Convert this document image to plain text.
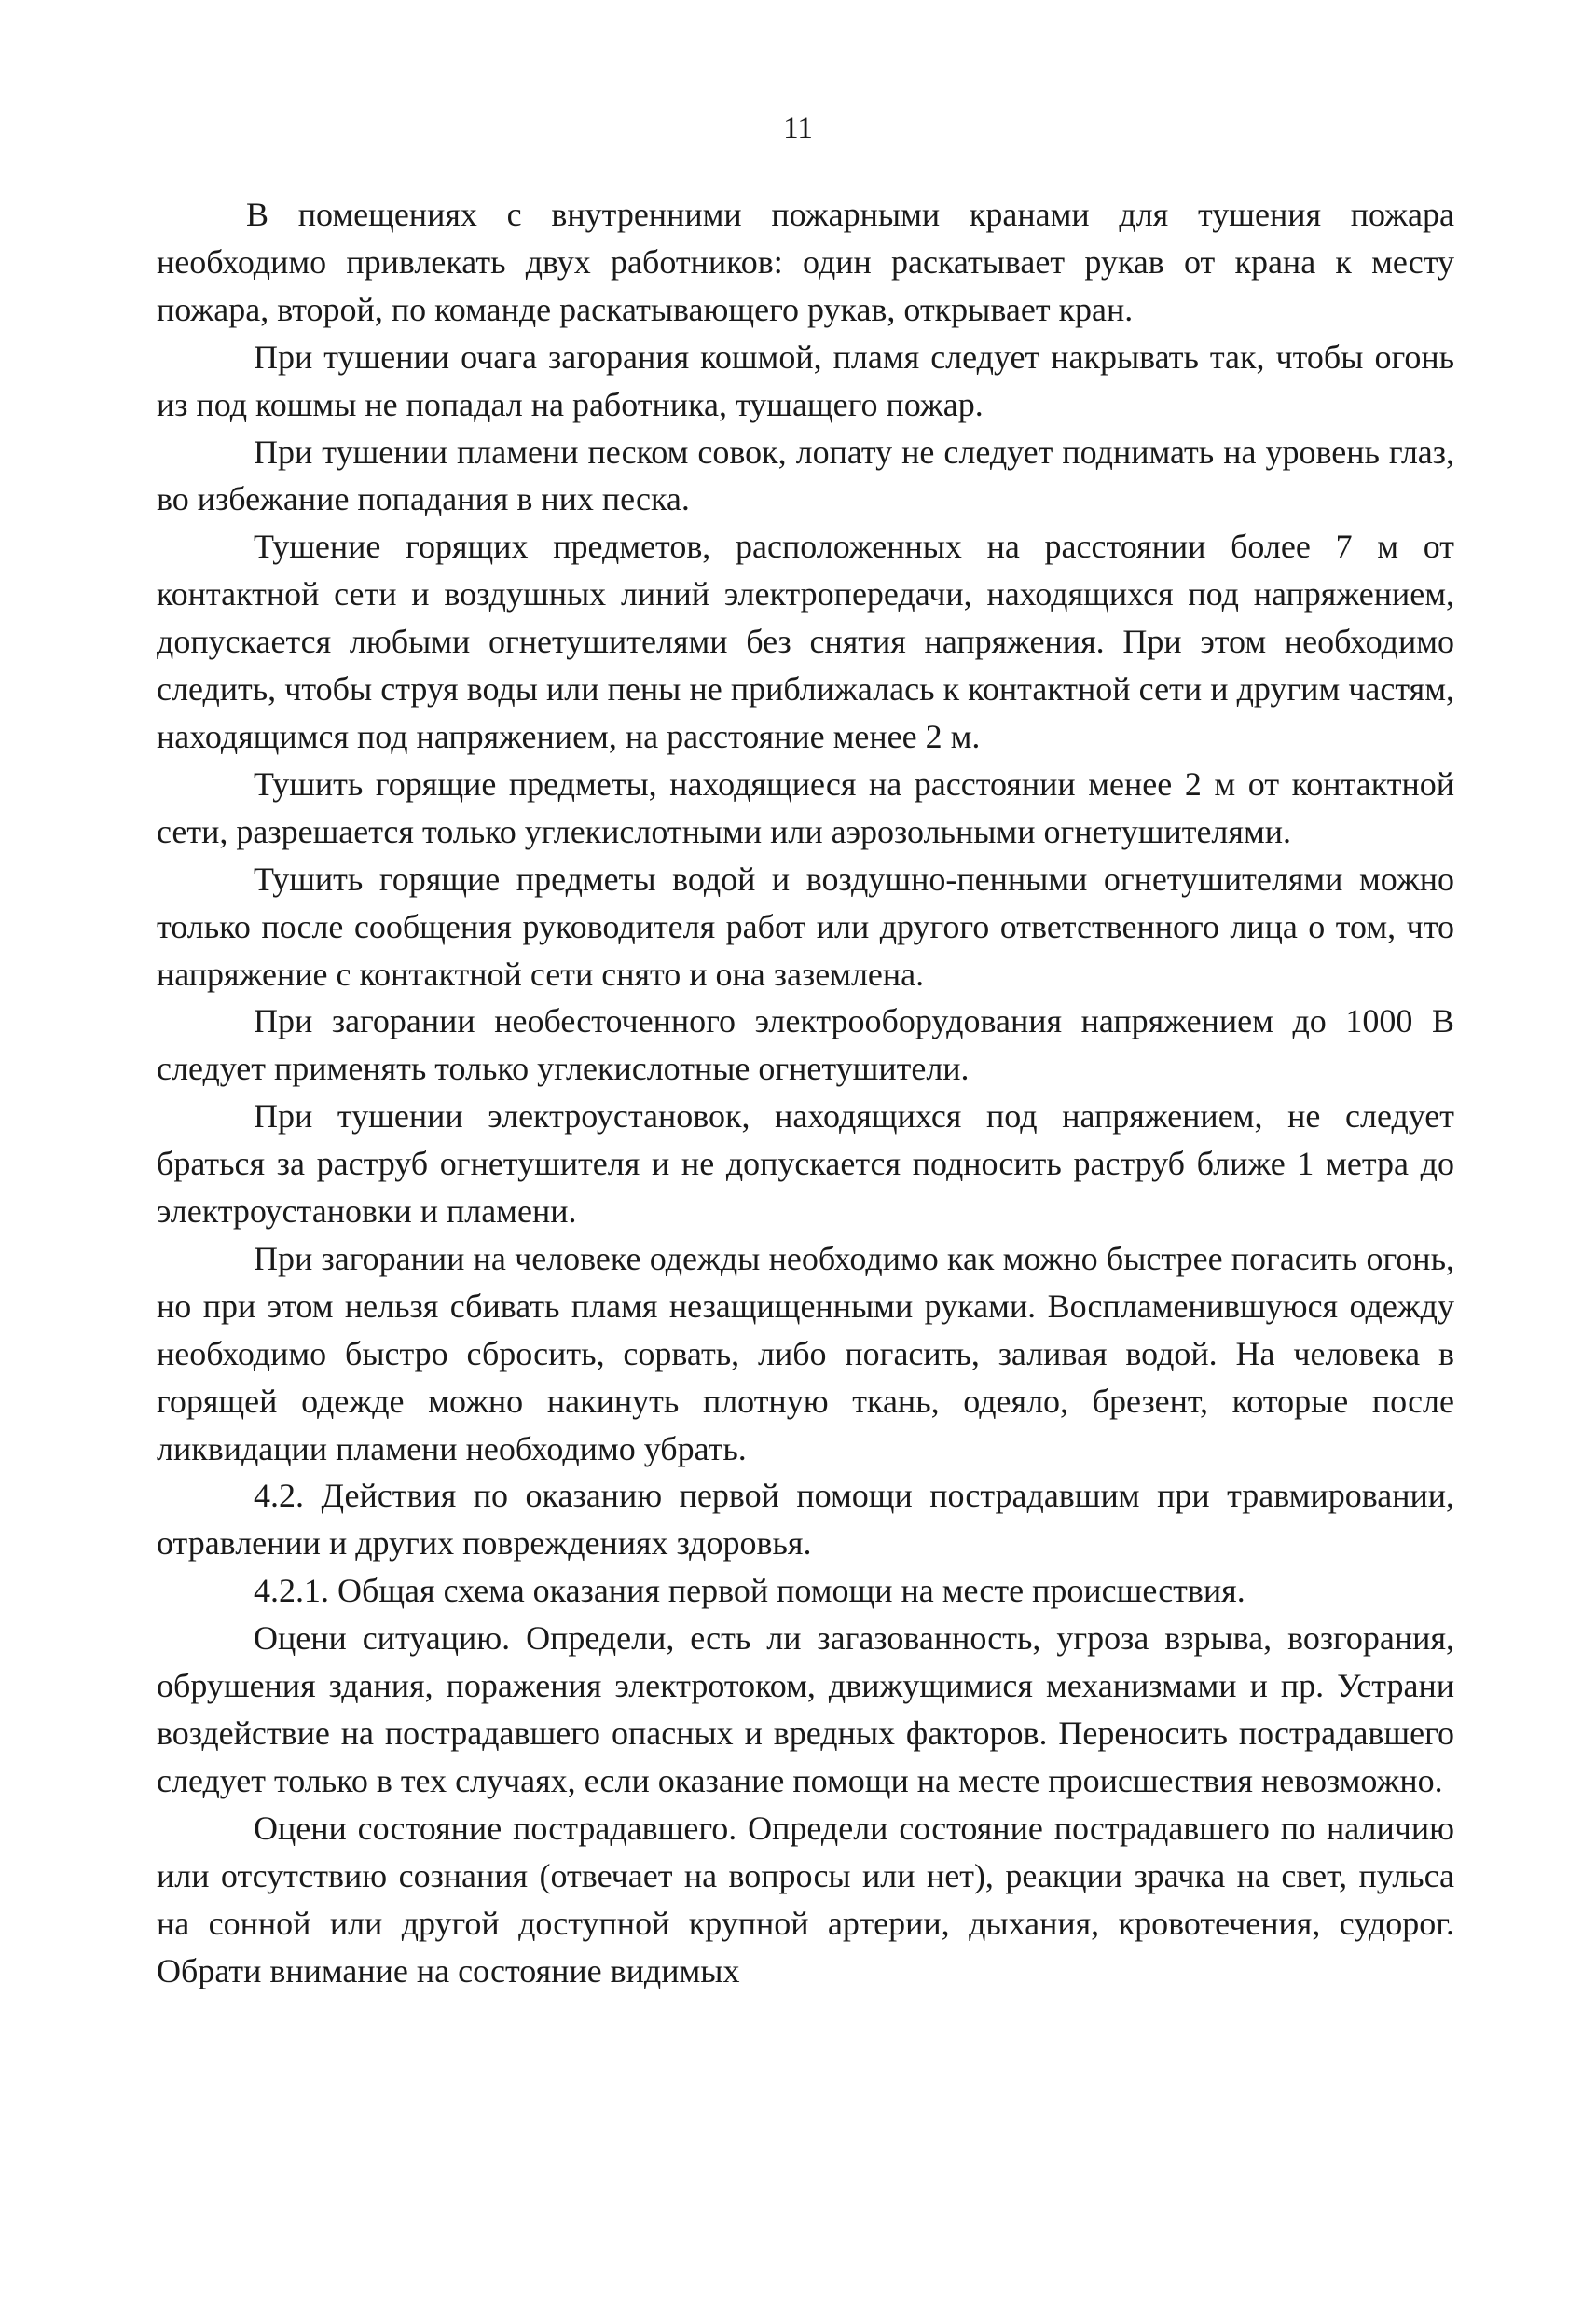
11

В помещениях с внутренними пожарными кранами для тушения пожара необходимо привлекать двух работников: один раскатывает рукав от крана к месту пожара, второй, по команде раскатывающего рукав, открывает кран.

При тушении очага загорания кошмой, пламя следует накрывать так, чтобы огонь из под кошмы не попадал на работника, тушащего пожар.

При тушении пламени песком совок, лопату не следует поднимать на уровень глаз, во избежание попадания в них песка.

Тушение горящих предметов, расположенных на расстоянии более 7 м от контактной сети и воздушных линий электропередачи, находящихся под напряжением, допускается любыми огнетушителями без снятия напряжения. При этом необходимо следить, чтобы струя воды или пены не приближалась к контактной сети и другим частям, находящимся под напряжением, на расстояние менее 2 м.

Тушить горящие предметы, находящиеся на расстоянии менее 2 м от контактной сети, разрешается только углекислотными или аэрозольными огнетушителями.

Тушить горящие предметы водой и воздушно-пенными огнетушителями можно только после сообщения руководителя работ или другого ответственного лица о том, что напряжение с контактной сети снято и она заземлена.

При загорании необесточенного электрооборудования напряжением до 1000 В следует применять только углекислотные огнетушители.

При тушении электроустановок, находящихся под напряжением, не следует браться за раструб огнетушителя и не допускается подносить раструб ближе 1 метра до электроустановки и пламени.

При загорании на человеке одежды необходимо как можно быстрее погасить огонь, но при этом нельзя сбивать пламя незащищенными руками. Воспламенившуюся одежду необходимо быстро сбросить, сорвать, либо погасить, заливая водой. На человека в горящей одежде можно накинуть плотную ткань, одеяло, брезент, которые после ликвидации пламени необходимо убрать.

4.2. Действия по оказанию первой помощи пострадавшим при травмировании, отравлении и других повреждениях здоровья.

4.2.1. Общая схема оказания первой помощи на месте происшествия.

Оцени ситуацию. Определи, есть ли загазованность, угроза взрыва, возгорания, обрушения здания, поражения электротоком, движущимися механизмами и пр. Устрани воздействие на пострадавшего опасных и вредных факторов. Переносить пострадавшего следует только в тех случаях, если оказание помощи на месте происшествия невозможно.

Оцени состояние пострадавшего. Определи состояние пострадавшего по наличию или отсутствию сознания (отвечает на вопросы или нет), реакции зрачка на свет, пульса на сонной или другой доступной крупной артерии, дыхания, кровотечения, судорог. Обрати внимание на состояние видимых
